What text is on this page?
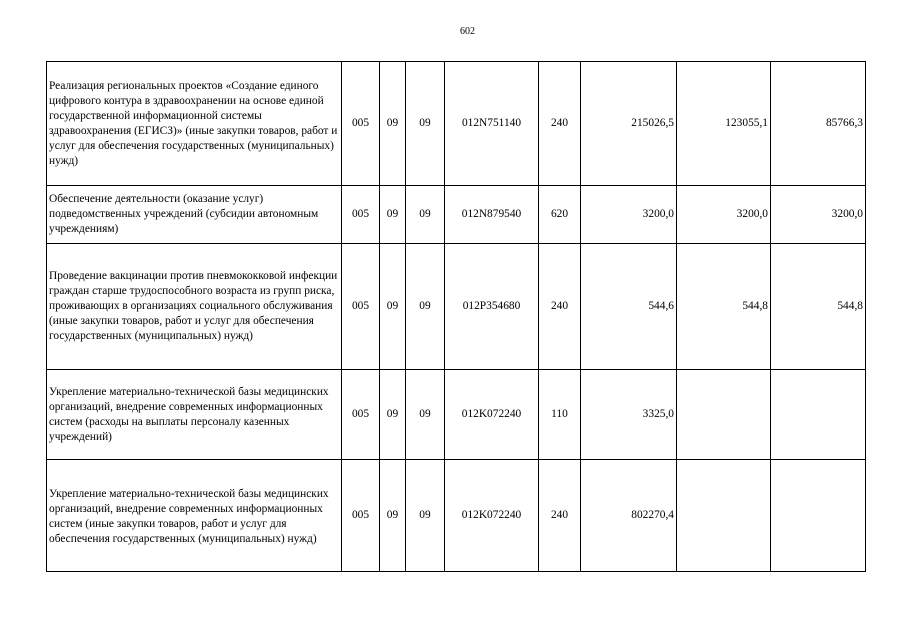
602
Реализация региональных проектов «Создание единого цифрового контура в здравоохранении на основе единой государственной информационной системы здравоохранения (ЕГИСЗ)» (иные закупки товаров, работ и услуг для обеспечения государственных (муниципальных) нужд)	005	09	09	012N751140	240	215026,5	123055,1	85766,3
Обеспечение деятельности (оказание услуг) подведомственных учреждений (субсидии автономным учреждениям)	005	09	09	012N879540	620	3200,0	3200,0	3200,0
Проведение вакцинации против пневмококковой инфекции граждан старше трудоспособного возраста из групп риска, проживающих в организациях социального обслуживания (иные закупки товаров, работ и услуг для обеспечения государственных (муниципальных) нужд)	005	09	09	012P354680	240	544,6	544,8	544,8
Укрепление материально-технической базы медицинских организаций, внедрение современных информационных систем (расходы на выплаты персоналу казенных учреждений)	005	09	09	012K072240	110	3325,0		
Укрепление материально-технической базы медицинских организаций, внедрение современных информационных систем (иные закупки товаров, работ и услуг для обеспечения государственных (муниципальных) нужд)	005	09	09	012K072240	240	802270,4		
